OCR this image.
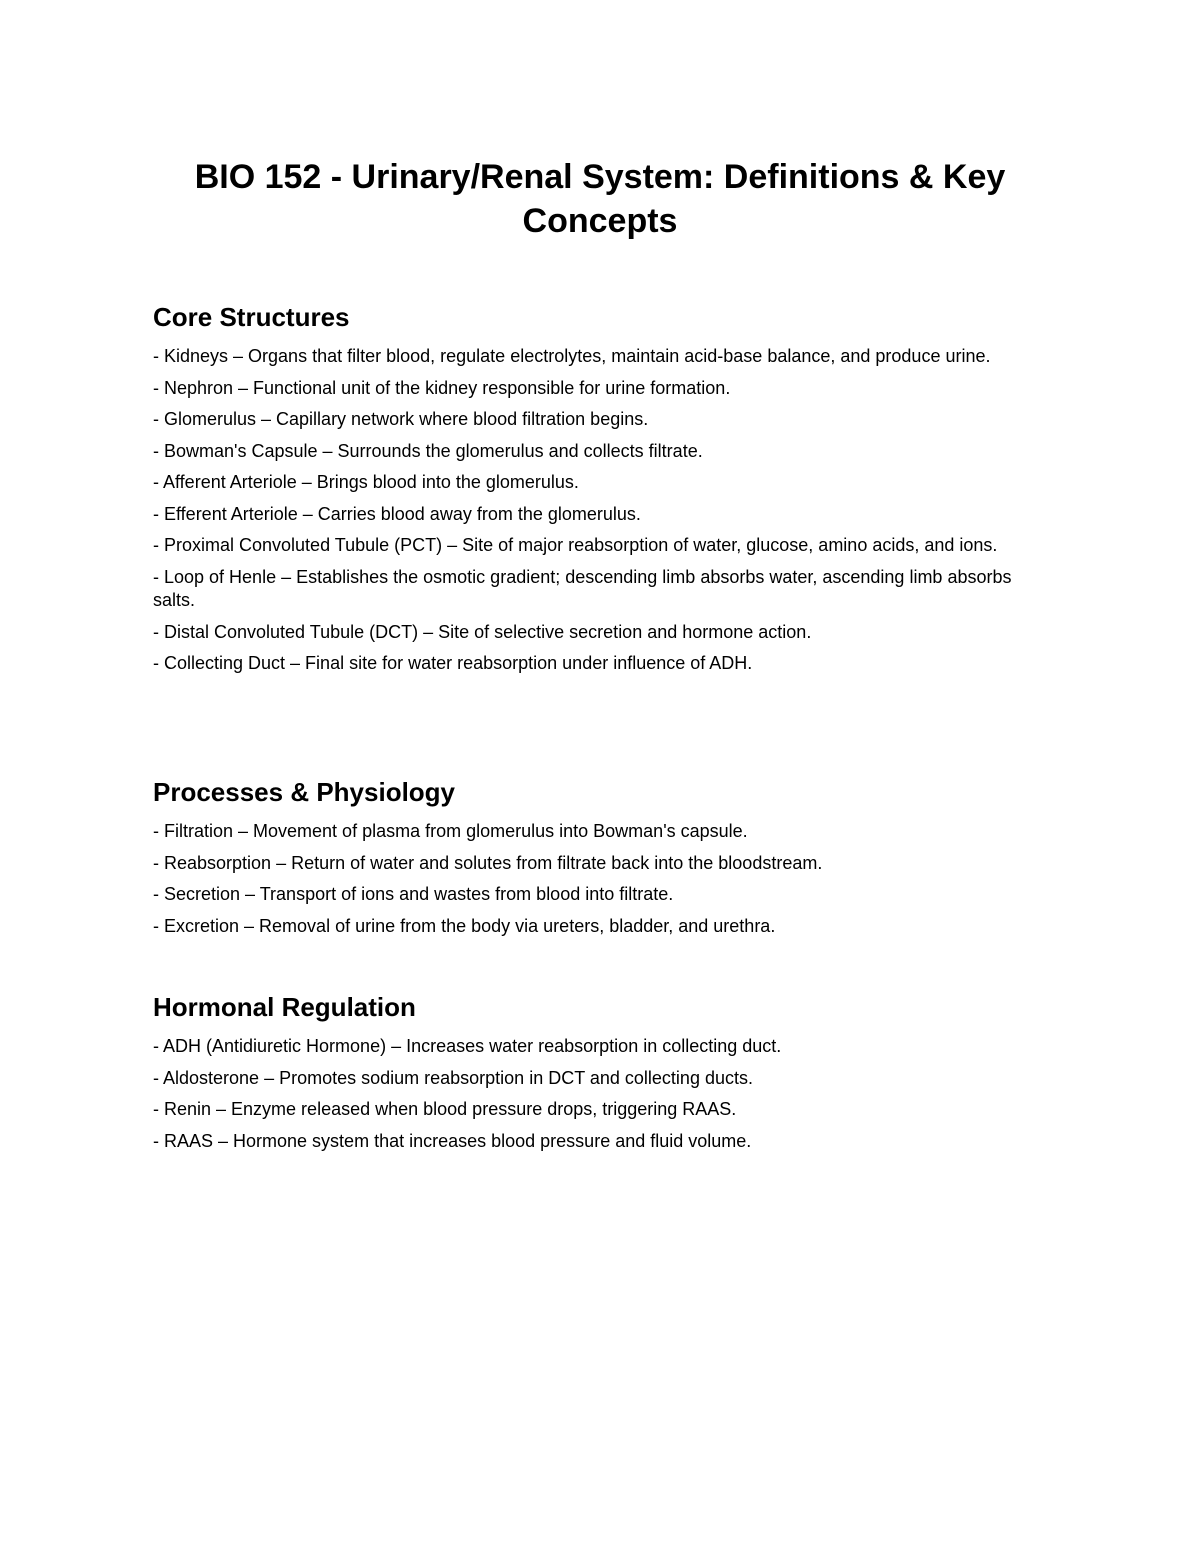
BIO 152 - Urinary/Renal System: Definitions & Key Concepts
Core Structures
- Kidneys – Organs that filter blood, regulate electrolytes, maintain acid-base balance, and produce urine.
- Nephron – Functional unit of the kidney responsible for urine formation.
- Glomerulus – Capillary network where blood filtration begins.
- Bowman's Capsule – Surrounds the glomerulus and collects filtrate.
- Afferent Arteriole – Brings blood into the glomerulus.
- Efferent Arteriole – Carries blood away from the glomerulus.
- Proximal Convoluted Tubule (PCT) – Site of major reabsorption of water, glucose, amino acids, and ions.
- Loop of Henle – Establishes the osmotic gradient; descending limb absorbs water, ascending limb absorbs salts.
- Distal Convoluted Tubule (DCT) – Site of selective secretion and hormone action.
- Collecting Duct – Final site for water reabsorption under influence of ADH.
Processes & Physiology
- Filtration – Movement of plasma from glomerulus into Bowman's capsule.
- Reabsorption – Return of water and solutes from filtrate back into the bloodstream.
- Secretion – Transport of ions and wastes from blood into filtrate.
- Excretion – Removal of urine from the body via ureters, bladder, and urethra.
Hormonal Regulation
- ADH (Antidiuretic Hormone) – Increases water reabsorption in collecting duct.
- Aldosterone – Promotes sodium reabsorption in DCT and collecting ducts.
- Renin – Enzyme released when blood pressure drops, triggering RAAS.
- RAAS – Hormone system that increases blood pressure and fluid volume.
